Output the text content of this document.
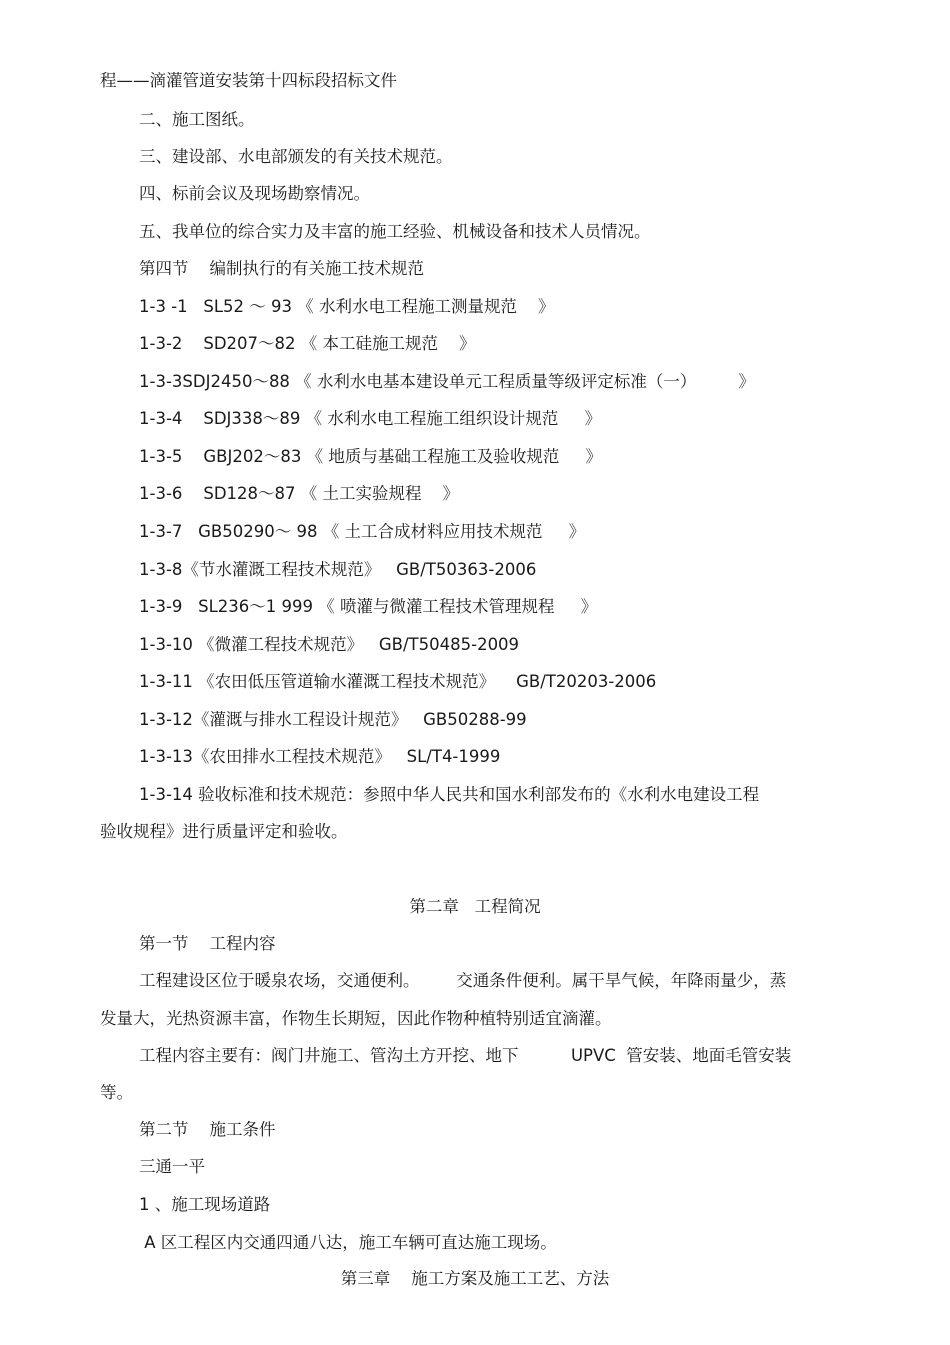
程——滴灌管道安装第十四标段招标文件
二、施工图纸。
三、建设部、水电部颁发的有关技术规范。
四、标前会议及现场勘察情况。
五、我单位的综合实力及丰富的施工经验、机械设备和技术人员情况。
第四节    编制执行的有关施工技术规范
1-3 -1   SL52 ～ 93 《 水利水电工程施工测量规范    》
1-3-2    SD207～82 《 本工硅施工规范    》
1-3-3SDJ2450～88 《 水利水电基本建设单元工程质量等级评定标准（一）        》
1-3-4    SDJ338～89 《 水利水电工程施工组织设计规范     》
1-3-5    GBJ202～83 《 地质与基础工程施工及验收规范     》
1-3-6    SD128～87 《 土工实验规程    》
1-3-7   GB50290～ 98 《 土工合成材料应用技术规范     》
1-3-8《节水灌溉工程技术规范》   GB/T50363-2006
1-3-9   SL236～1 999 《 喷灌与微灌工程技术管理规程     》
1-3-10 《微灌工程技术规范》   GB/T50485-2009
1-3-11 《农田低压管道输水灌溉工程技术规范》    GB/T20203-2006
1-3-12《灌溉与排水工程设计规范》   GB50288-99
1-3-13《农田排水工程技术规范》   SL/T4-1999
1-3-14 验收标准和技术规范：参照中华人民共和国水利部发布的《水利水电建设工程
验收规程》进行质量评定和验收。
第二章   工程简况
第一节    工程内容
工程建设区位于暖泉农场，交通便利。       交通条件便利。属干旱气候，年降雨量少，蒸
发量大，光热资源丰富，作物生长期短，因此作物种植特别适宜滴灌。
工程内容主要有：阀门井施工、管沟土方开挖、地下          UPVC  管安装、地面毛管安装
等。
第二节    施工条件
三通一平
1 、施工现场道路
A 区工程区内交通四通八达，施工车辆可直达施工现场。
第三章    施工方案及施工工艺、方法
